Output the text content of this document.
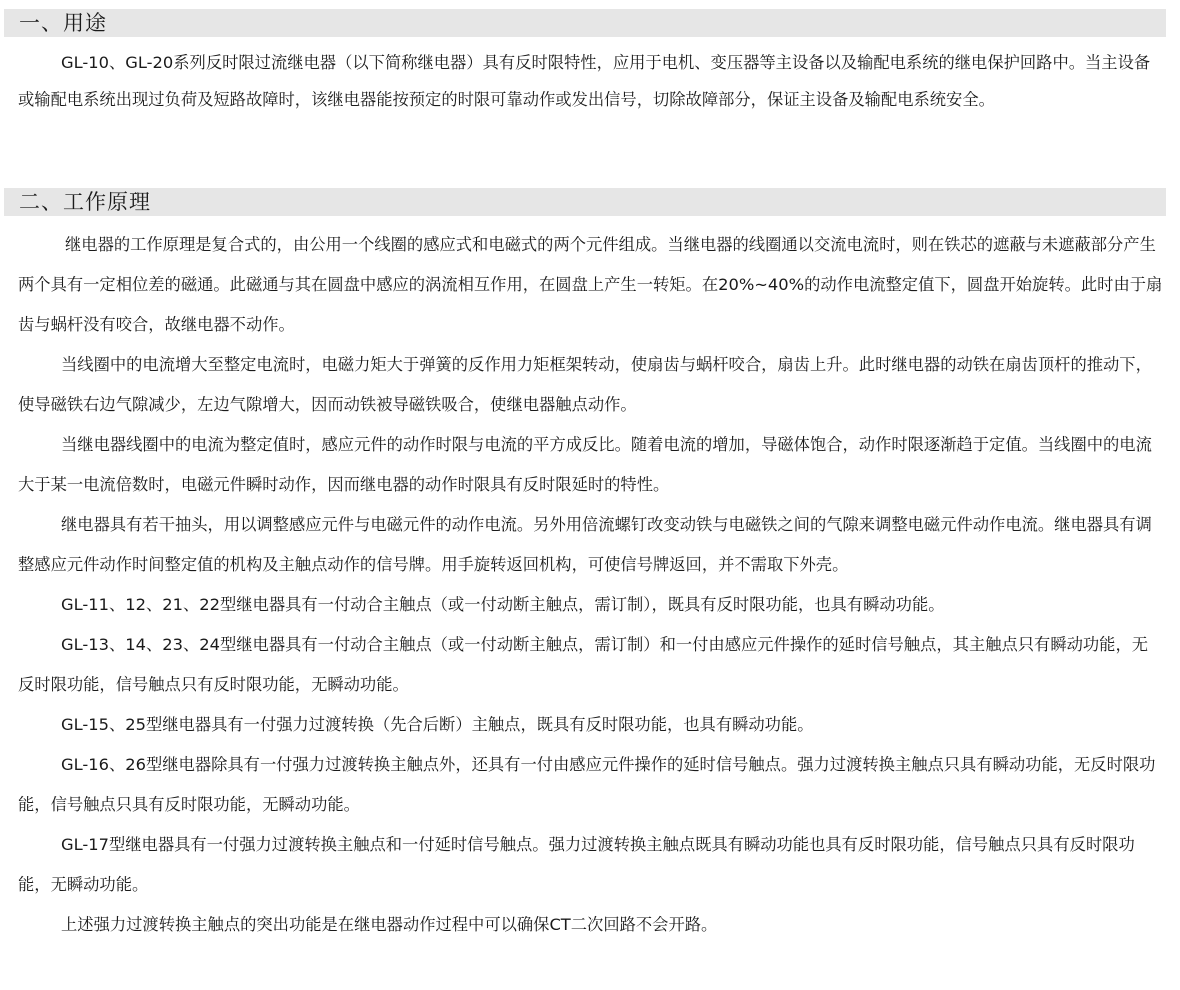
一、用途

GL-10、GL-20系列反时限过流继电器（以下简称继电器）具有反时限特性，应用于电机、变压器等主设备以及输配电系统的继电保护回路中。当主设备或输配电系统出现过负荷及短路故障时，该继电器能按预定的时限可靠动作或发出信号，切除故障部分，保证主设备及输配电系统安全。

二、工作原理

继电器的工作原理是复合式的，由公用一个线圈的感应式和电磁式的两个元件组成。当继电器的线圈通以交流电流时，则在铁芯的遮蔽与未遮蔽部分产生两个具有一定相位差的磁通。此磁通与其在圆盘中感应的涡流相互作用，在圆盘上产生一转矩。在20%~40%的动作电流整定值下，圆盘开始旋转。此时由于扇齿与蜗杆没有咬合，故继电器不动作。

当线圈中的电流增大至整定电流时，电磁力矩大于弹簧的反作用力矩框架转动，使扇齿与蜗杆咬合，扇齿上升。此时继电器的动铁在扇齿顶杆的推动下，使导磁铁右边气隙减少，左边气隙增大，因而动铁被导磁铁吸合，使继电器触点动作。

当继电器线圈中的电流为整定值时，感应元件的动作时限与电流的平方成反比。随着电流的增加，导磁体饱合，动作时限逐渐趋于定值。当线圈中的电流大于某一电流倍数时，电磁元件瞬时动作，因而继电器的动作时限具有反时限延时的特性。

继电器具有若干抽头，用以调整感应元件与电磁元件的动作电流。另外用倍流螺钉改变动铁与电磁铁之间的气隙来调整电磁元件动作电流。继电器具有调整感应元件动作时间整定值的机构及主触点动作的信号牌。用手旋转返回机构，可使信号牌返回，并不需取下外壳。

GL-11、12、21、22型继电器具有一付动合主触点（或一付动断主触点，需订制），既具有反时限功能，也具有瞬动功能。

GL-13、14、23、24型继电器具有一付动合主触点（或一付动断主触点，需订制）和一付由感应元件操作的延时信号触点，其主触点只有瞬动功能，无反时限功能，信号触点只有反时限功能，无瞬动功能。

GL-15、25型继电器具有一付强力过渡转换（先合后断）主触点，既具有反时限功能，也具有瞬动功能。

GL-16、26型继电器除具有一付强力过渡转换主触点外，还具有一付由感应元件操作的延时信号触点。强力过渡转换主触点只具有瞬动功能，无反时限功能，信号触点只具有反时限功能，无瞬动功能。

GL-17型继电器具有一付强力过渡转换主触点和一付延时信号触点。强力过渡转换主触点既具有瞬动功能也具有反时限功能，信号触点只具有反时限功能，无瞬动功能。

上述强力过渡转换主触点的突出功能是在继电器动作过程中可以确保CT二次回路不会开路。
